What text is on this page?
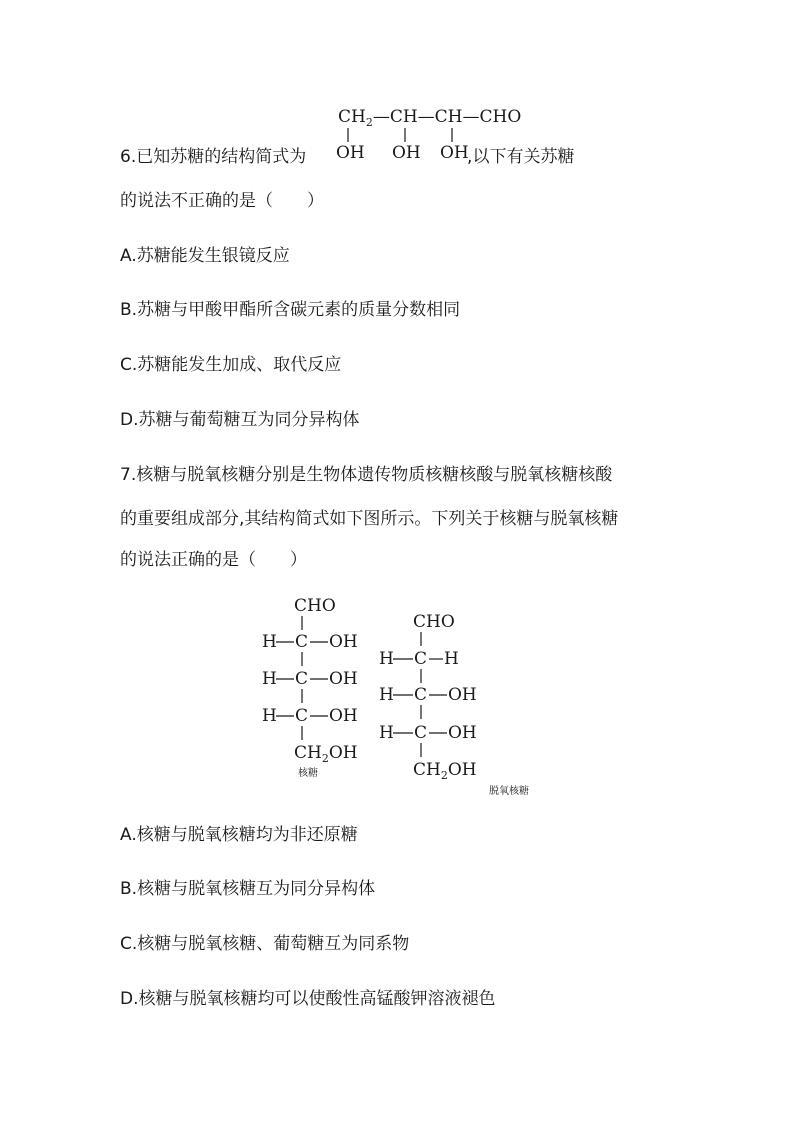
$CH_2—CH—CH—CHO$
OH OH OH
6.已知苏糖的结构简式为	,以下有关苏糖
的说法不正确的是（　　）
A.苏糖能发生银镜反应
B.苏糖与甲酸甲酯所含碳元素的质量分数相同
C.苏糖能发生加成、取代反应
D.苏糖与葡萄糖互为同分异构体
7.核糖与脱氧核糖分别是生物体遗传物质核糖核酸与脱氧核糖核酸
的重要组成部分,其结构简式如下图所示。下列关于核糖与脱氧核糖
的说法正确的是（　　）
CHO
H C OH
H C OH
H C OH
$CH_2OH$
核糖
CHO
H C H
H C OH
H C OH
$CH_2OH$
脱氧核糖
A.核糖与脱氧核糖均为非还原糖
B.核糖与脱氧核糖互为同分异构体
C.核糖与脱氧核糖、葡萄糖互为同系物
D.核糖与脱氧核糖均可以使酸性高锰酸钾溶液褪色
